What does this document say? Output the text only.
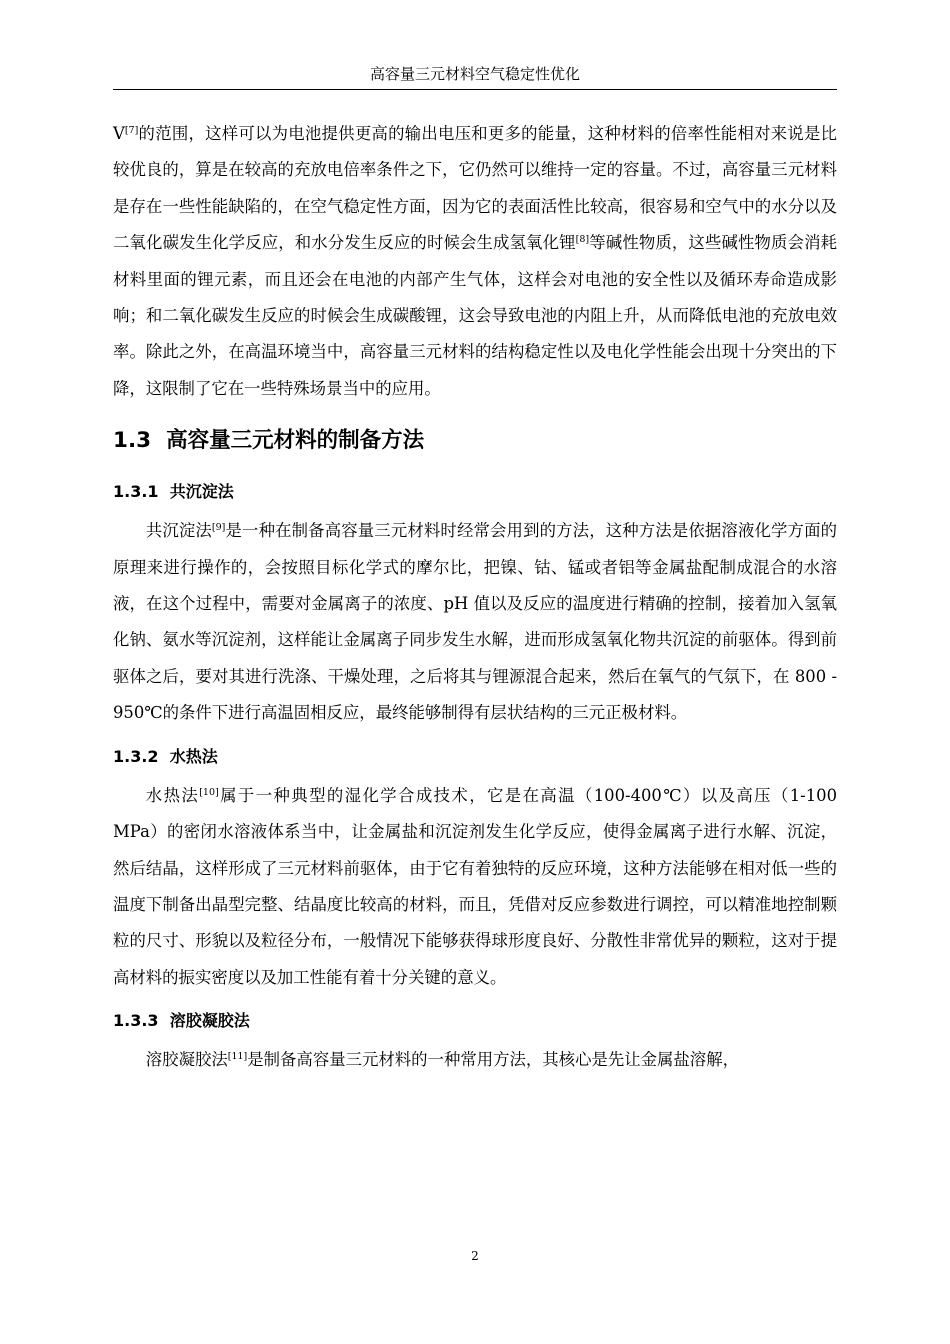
高容量三元材料空气稳定性优化

V[7]的范围，这样可以为电池提供更高的输出电压和更多的能量，这种材料的倍率性能相对来说是比较优良的，算是在较高的充放电倍率条件之下，它仍然可以维持一定的容量。不过，高容量三元材料是存在一些性能缺陷的，在空气稳定性方面，因为它的表面活性比较高，很容易和空气中的水分以及二氧化碳发生化学反应，和水分发生反应的时候会生成氢氧化锂[8]等碱性物质，这些碱性物质会消耗材料里面的锂元素，而且还会在电池的内部产生气体，这样会对电池的安全性以及循环寿命造成影响；和二氧化碳发生反应的时候会生成碳酸锂，这会导致电池的内阻上升，从而降低电池的充放电效率。除此之外，在高温环境当中，高容量三元材料的结构稳定性以及电化学性能会出现十分突出的下降，这限制了它在一些特殊场景当中的应用。

1.3 高容量三元材料的制备方法
1.3.1 共沉淀法

共沉淀法[9]是一种在制备高容量三元材料时经常会用到的方法，这种方法是依据溶液化学方面的原理来进行操作的，会按照目标化学式的摩尔比，把镍、钴、锰或者铝等金属盐配制成混合的水溶液，在这个过程中，需要对金属离子的浓度、pH 值以及反应的温度进行精确的控制，接着加入氢氧化钠、氨水等沉淀剂，这样能让金属离子同步发生水解，进而形成氢氧化物共沉淀的前驱体。得到前驱体之后，要对其进行洗涤、干燥处理，之后将其与锂源混合起来，然后在氧气的气氛下，在 800 - 950℃的条件下进行高温固相反应，最终能够制得有层状结构的三元正极材料。

1.3.2 水热法

水热法[10]属于一种典型的湿化学合成技术，它是在高温（100-400℃）以及高压（1-100 MPa）的密闭水溶液体系当中，让金属盐和沉淀剂发生化学反应，使得金属离子进行水解、沉淀，然后结晶，这样形成了三元材料前驱体，由于它有着独特的反应环境，这种方法能够在相对低一些的温度下制备出晶型完整、结晶度比较高的材料，而且，凭借对反应参数进行调控，可以精准地控制颗粒的尺寸、形貌以及粒径分布，一般情况下能够获得球形度良好、分散性非常优异的颗粒，这对于提高材料的振实密度以及加工性能有着十分关键的意义。

1.3.3 溶胶凝胶法

溶胶凝胶法[11]是制备高容量三元材料的一种常用方法，其核心是先让金属盐溶解，

2
